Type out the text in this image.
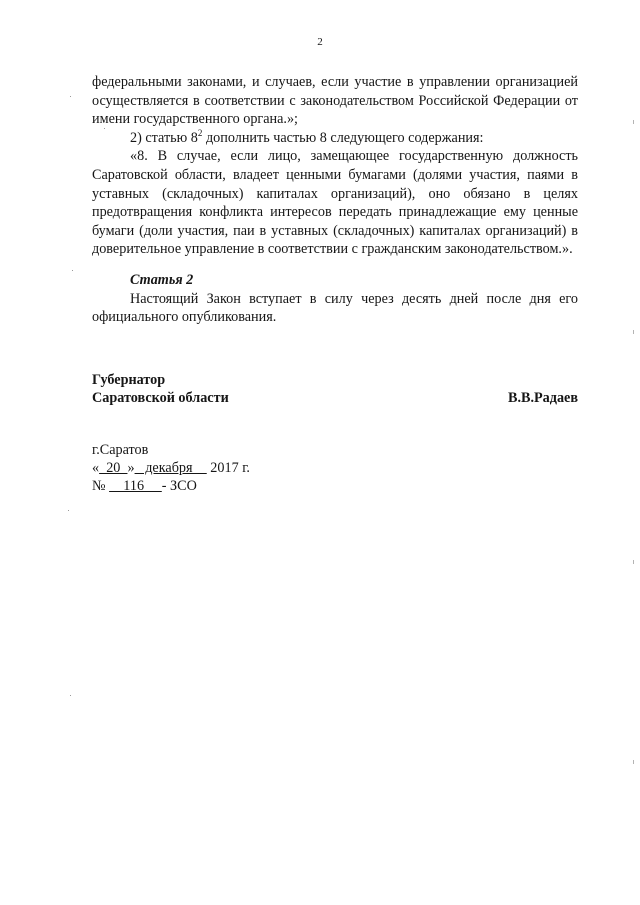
2

федеральными законами, и случаев, если участие в управлении организацией осуществляется в соответствии с законодательством Российской Федерации от имени государственного органа.»;

2) статью $8^2$ дополнить частью 8 следующего содержания:

«8. В случае, если лицо, замещающее государственную должность Саратовской области, владеет ценными бумагами (долями участия, паями в уставных (складочных) капиталах организаций), оно обязано в целях предотвращения конфликта интересов передать принадлежащие ему ценные бумаги (доли участия, паи в уставных (складочных) капиталах организаций) в доверительное управление в соответствии с гражданским законодательством.».

Статья 2

Настоящий Закон вступает в силу через десять дней после дня его официального опубликования.

Губернатор
Саратовской области	В.В.Радаев
г.Саратов
«  20  »   декабря     2017 г.
№     116     - ЗСО
